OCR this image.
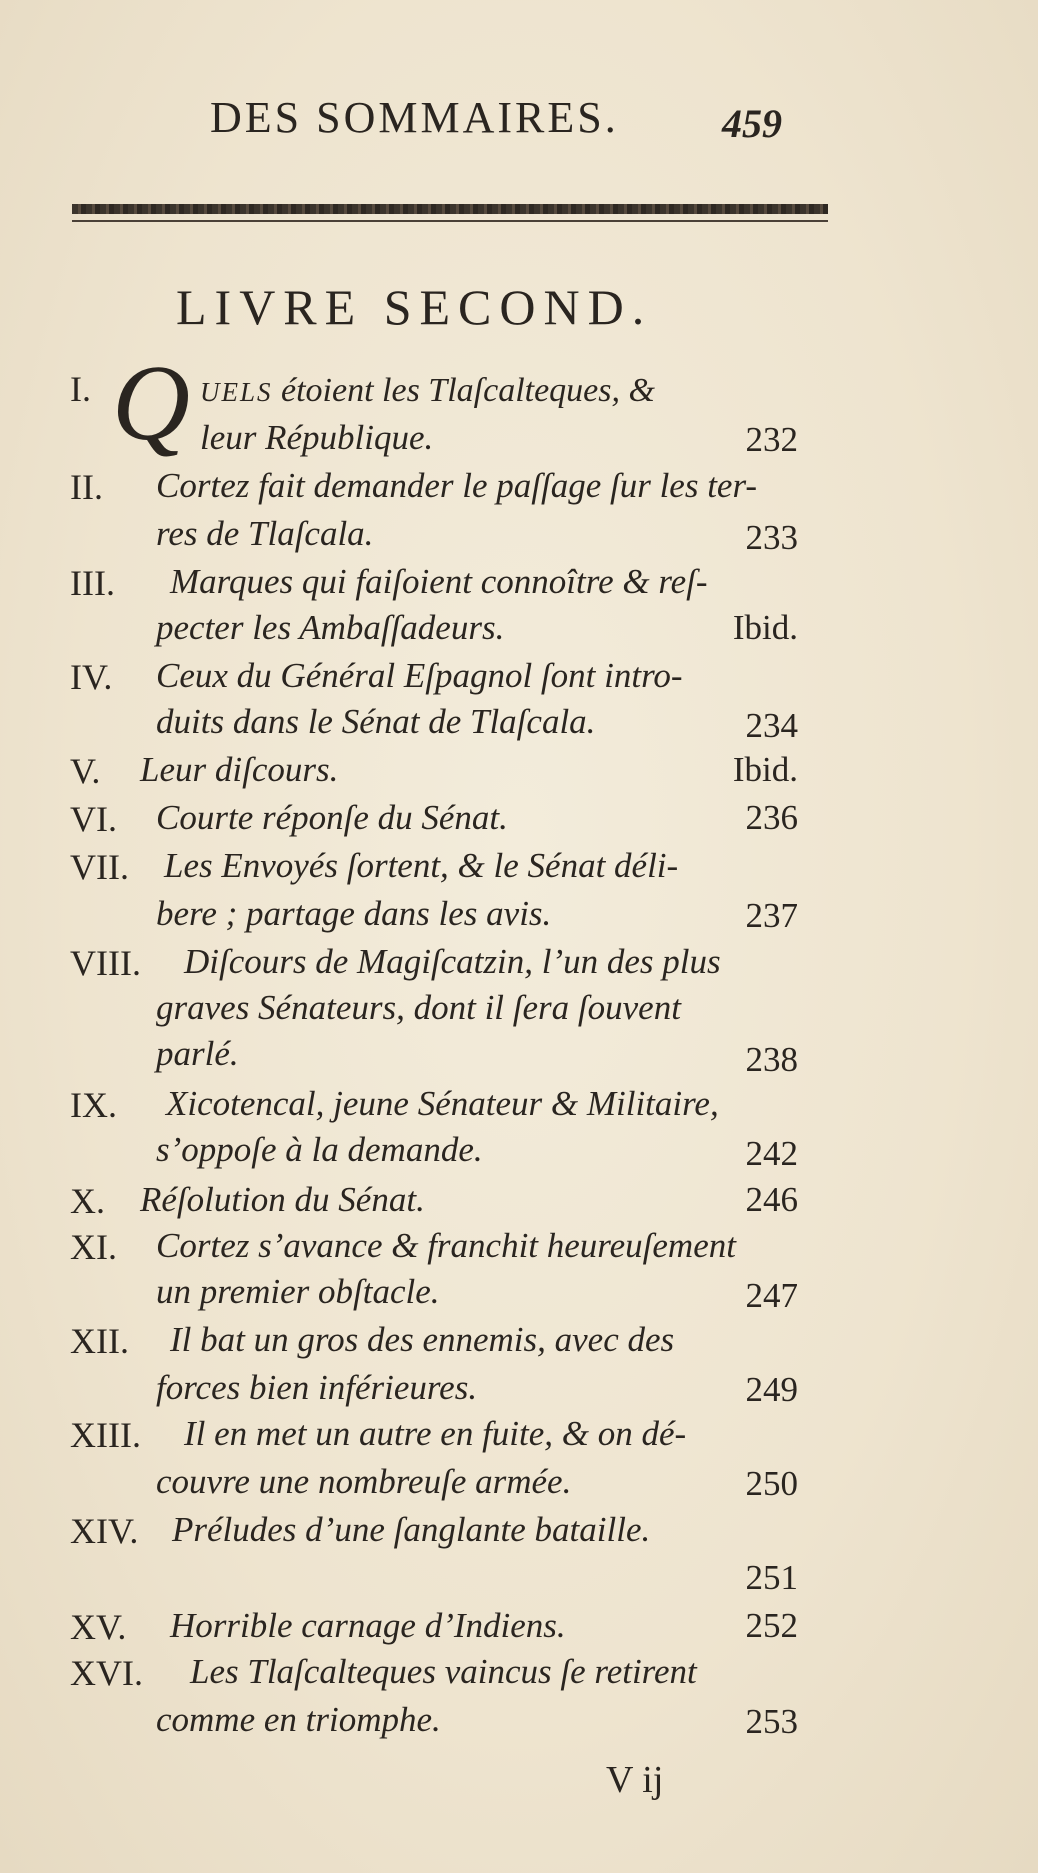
DES SOMMAIRES.	459
LIVRE SECOND.
I. Q UELS étoient les Tlaſcalteques, &
leur République.	232
II. Cortez fait demander le paſſage ſur les ter-
res de Tlaſcala.	233
III. Marques qui faiſoient connoître & reſ-
pecter les Ambaſſadeurs.	Ibid.
IV. Ceux du Général Eſpagnol ſont intro-
duits dans le Sénat de Tlaſcala.	234
V. Leur diſcours.	Ibid.
VI. Courte réponſe du Sénat.	236
VII. Les Envoyés ſortent, & le Sénat déli-
bere ; partage dans les avis.	237
VIII. Diſcours de Magiſcatzin, l’un des plus
graves Sénateurs, dont il ſera ſouvent
parlé.	238
IX. Xicotencal, jeune Sénateur & Militaire,
s’oppoſe à la demande.	242
X. Réſolution du Sénat.	246
XI. Cortez s’avance & franchit heureuſement
un premier obſtacle.	247
XII. Il bat un gros des ennemis, avec des
forces bien inférieures.	249
XIII. Il en met un autre en fuite, & on dé-
couvre une nombreuſe armée.	250
XIV. Préludes d’une ſanglante bataille.
251
XV. Horrible carnage d’Indiens.	252
XVI. Les Tlaſcalteques vaincus ſe retirent
comme en triomphe.	253
V ij
